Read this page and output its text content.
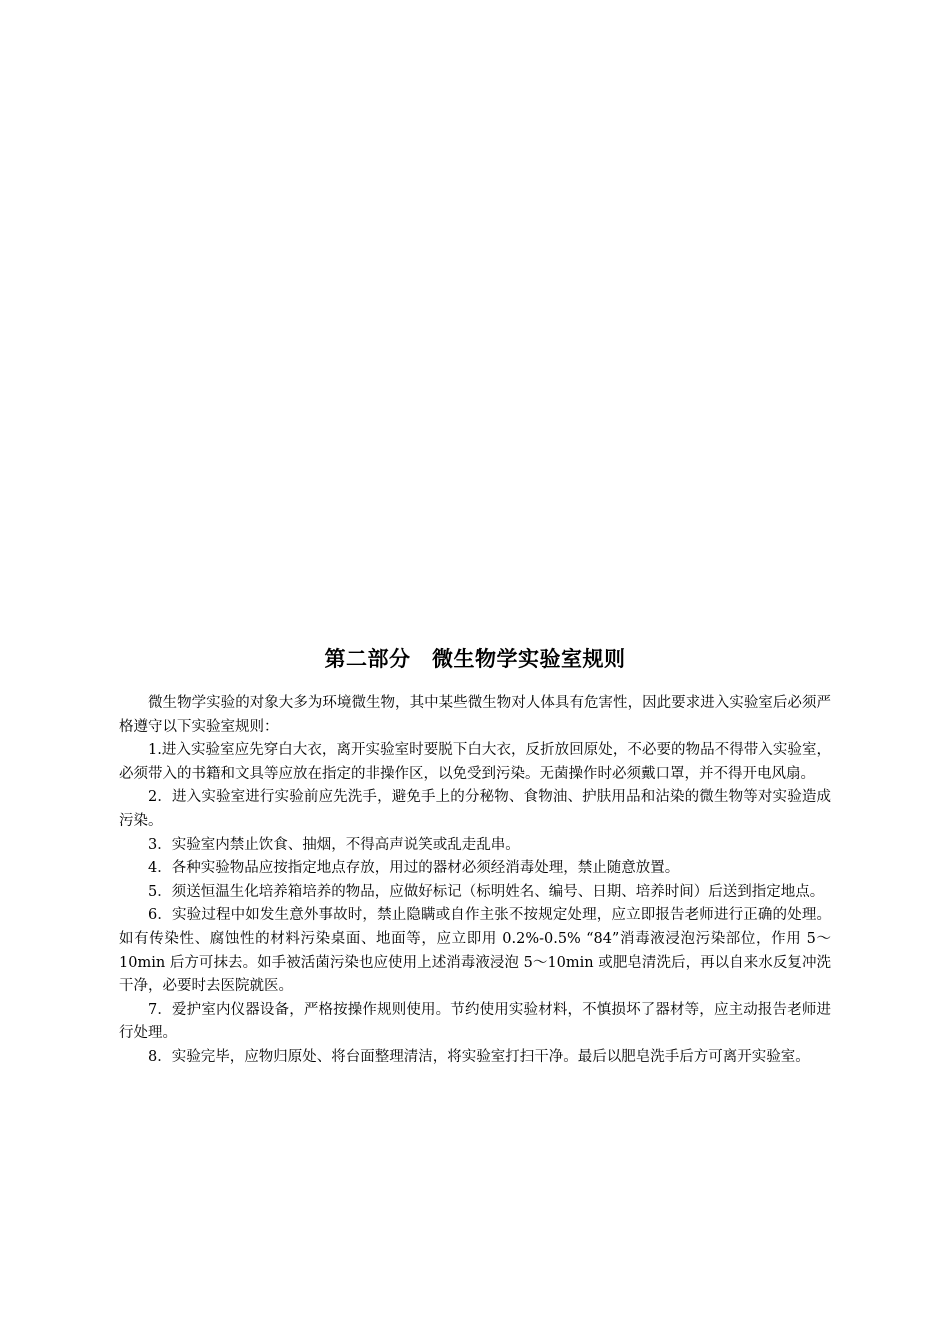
第二部分　微生物学实验室规则

微生物学实验的对象大多为环境微生物，其中某些微生物对人体具有危害性，因此要求进入实验室后必须严格遵守以下实验室规则：

1.进入实验室应先穿白大衣，离开实验室时要脱下白大衣，反折放回原处，不必要的物品不得带入实验室，必须带入的书籍和文具等应放在指定的非操作区，以免受到污染。无菌操作时必须戴口罩，并不得开电风扇。

2．进入实验室进行实验前应先洗手，避免手上的分秘物、食物油、护肤用品和沾染的微生物等对实验造成污染。

3．实验室内禁止饮食、抽烟，不得高声说笑或乱走乱串。

4．各种实验物品应按指定地点存放，用过的器材必须经消毒处理，禁止随意放置。

5．须送恒温生化培养箱培养的物品，应做好标记（标明姓名、编号、日期、培养时间）后送到指定地点。

6．实验过程中如发生意外事故时，禁止隐瞒或自作主张不按规定处理，应立即报告老师进行正确的处理。如有传染性、腐蚀性的材料污染桌面、地面等，应立即用 0.2%-0.5% “84”消毒液浸泡污染部位，作用 5～10min 后方可抹去。如手被活菌污染也应使用上述消毒液浸泡 5～10min 或肥皂清洗后，再以自来水反复冲洗干净，必要时去医院就医。

7．爱护室内仪器设备，严格按操作规则使用。节约使用实验材料，不慎损坏了器材等，应主动报告老师进行处理。

8．实验完毕，应物归原处、将台面整理清洁，将实验室打扫干净。最后以肥皂洗手后方可离开实验室。
